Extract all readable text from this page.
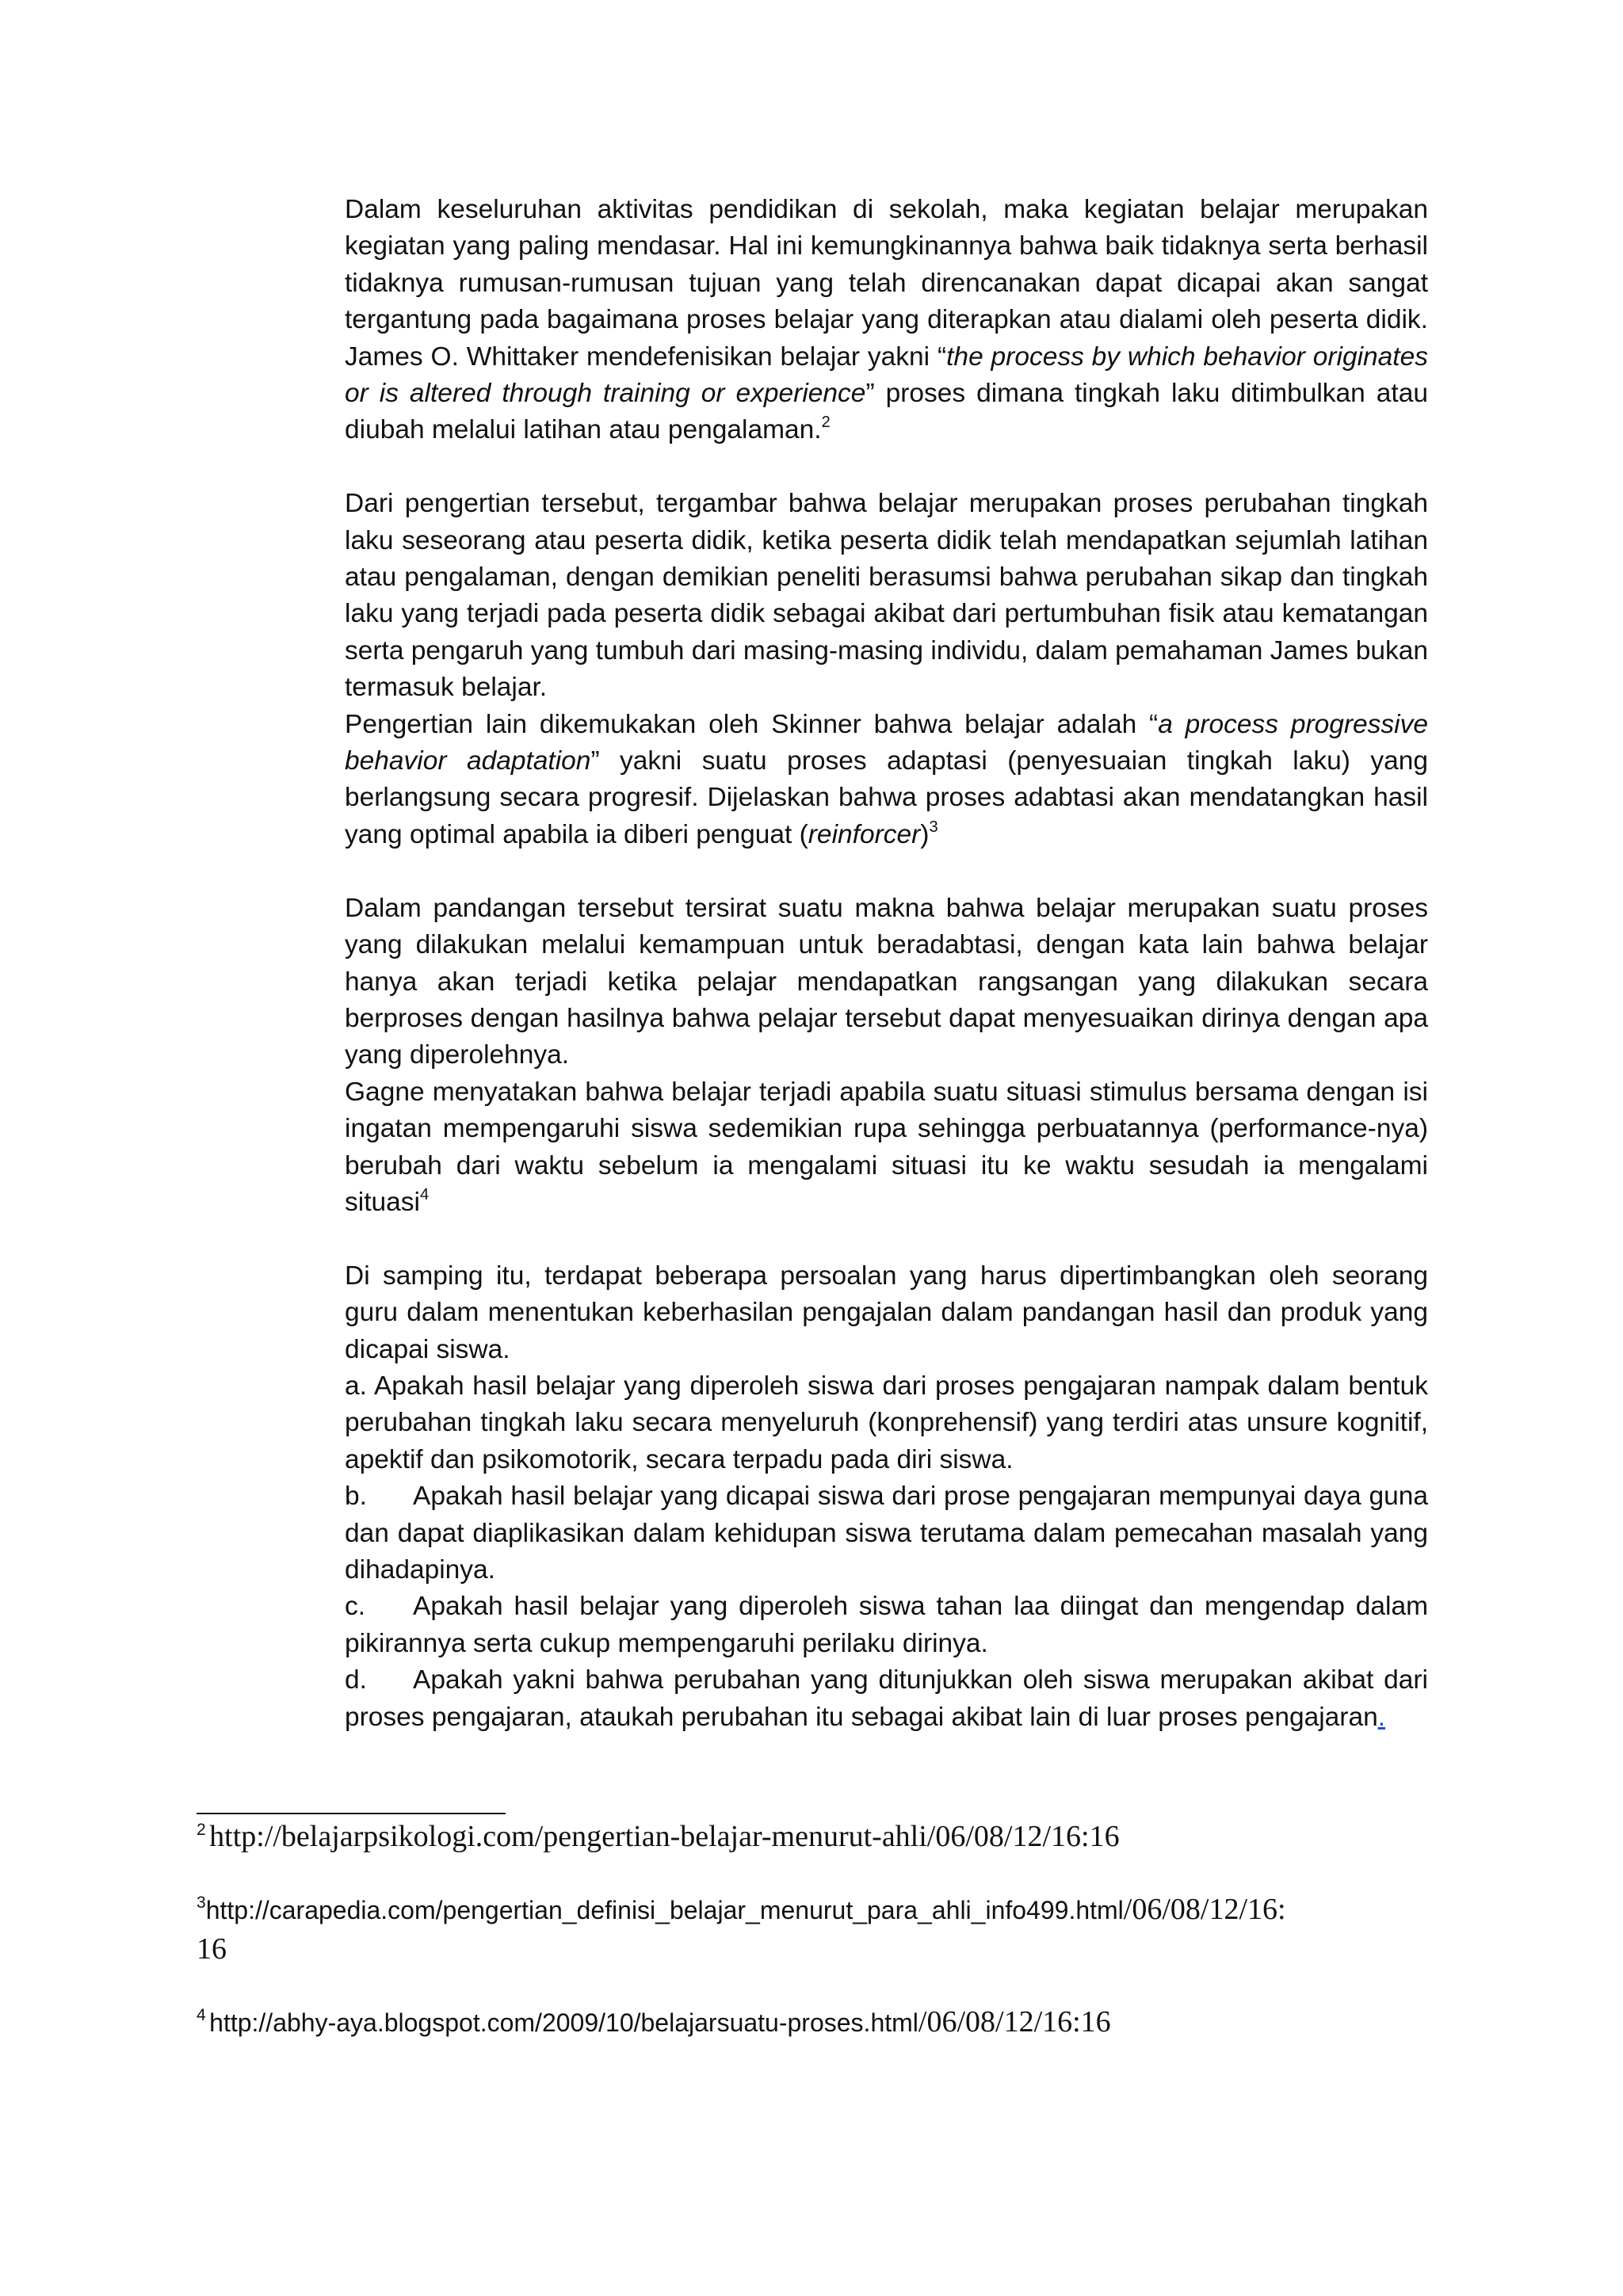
Dalam keseluruhan aktivitas pendidikan di sekolah, maka kegiatan belajar merupakan kegiatan yang paling mendasar. Hal ini kemungkinannya bahwa baik tidaknya serta berhasil tidaknya rumusan-rumusan tujuan yang telah direncanakan dapat dicapai akan sangat tergantung pada bagaimana proses belajar yang diterapkan atau dialami oleh peserta didik. James O. Whittaker mendefenisikan belajar yakni “the process by which behavior originates or is altered through training or experience” proses dimana tingkah laku ditimbulkan atau diubah melalui latihan atau pengalaman.$^2$

Dari pengertian tersebut, tergambar bahwa belajar merupakan proses perubahan tingkah laku seseorang atau peserta didik, ketika peserta didik telah mendapatkan sejumlah latihan atau pengalaman, dengan demikian peneliti berasumsi bahwa perubahan sikap dan tingkah laku yang terjadi pada peserta didik sebagai akibat dari pertumbuhan fisik atau kematangan serta pengaruh yang tumbuh dari masing-masing individu, dalam pemahaman James bukan termasuk belajar.

Pengertian lain dikemukakan oleh Skinner bahwa belajar adalah “a process progressive behavior adaptation” yakni suatu proses adaptasi (penyesuaian tingkah laku) yang berlangsung secara progresif. Dijelaskan bahwa proses adabtasi akan mendatangkan hasil yang optimal apabila ia diberi penguat (reinforcer)$^3$

Dalam pandangan tersebut tersirat suatu makna bahwa belajar merupakan suatu proses yang dilakukan melalui kemampuan untuk beradabtasi, dengan kata lain bahwa belajar hanya akan terjadi ketika pelajar mendapatkan rangsangan yang dilakukan secara berproses dengan hasilnya bahwa pelajar tersebut dapat menyesuaikan dirinya dengan apa yang diperolehnya.

Gagne menyatakan bahwa belajar terjadi apabila suatu situasi stimulus bersama dengan isi ingatan mempengaruhi siswa sedemikian rupa sehingga perbuatannya (performance-nya) berubah dari waktu sebelum ia mengalami situasi itu ke waktu sesudah ia mengalami situasi$^4$

Di samping itu, terdapat beberapa persoalan yang harus dipertimbangkan oleh seorang guru dalam menentukan keberhasilan pengajalan dalam pandangan hasil dan produk yang dicapai siswa.

a. Apakah hasil belajar yang diperoleh siswa dari proses pengajaran nampak dalam bentuk perubahan tingkah laku secara menyeluruh (konprehensif) yang terdiri atas unsure kognitif, apektif dan psikomotorik, secara terpadu pada diri siswa.

b. Apakah hasil belajar yang dicapai siswa dari prose pengajaran mempunyai daya guna dan dapat diaplikasikan dalam kehidupan siswa terutama dalam pemecahan masalah yang dihadapinya.

c. Apakah hasil belajar yang diperoleh siswa tahan laa diingat dan mengendap dalam pikirannya serta cukup mempengaruhi perilaku dirinya.

d. Apakah yakni bahwa perubahan yang ditunjukkan oleh siswa merupakan akibat dari proses pengajaran, ataukah perubahan itu sebagai akibat lain di luar proses pengajaran.

$^2$ http://belajarpsikologi.com/pengertian-belajar-menurut-ahli/06/08/12/16:16
$^3$http://carapedia.com/pengertian_definisi_belajar_menurut_para_ahli_info499.html/06/08/12/16:
16
$^4$ http://abhy-aya.blogspot.com/2009/10/belajarsuatu-proses.html/06/08/12/16:16
